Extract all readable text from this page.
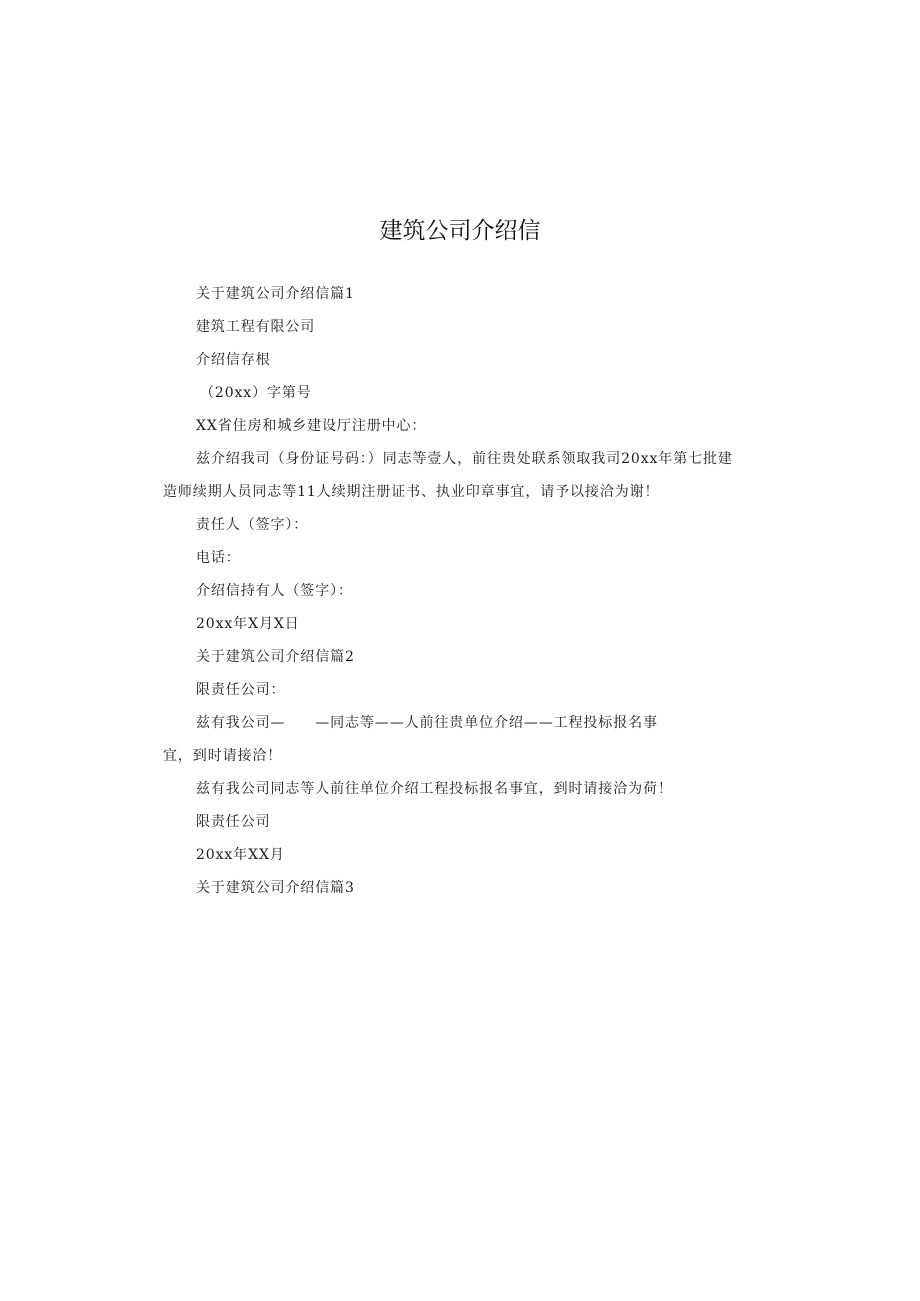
建筑公司介绍信
关于建筑公司介绍信篇1
建筑工程有限公司
介绍信存根
（20xx）字第号
XX省住房和城乡建设厅注册中心：
兹介绍我司（身份证号码：）同志等壹人，前往贵处联系领取我司20xx年第七批建
造师续期人员同志等11人续期注册证书、执业印章事宜，请予以接洽为谢！
责任人（签字）：
电话：
介绍信持有人（签字）：
20xx年X月X日
关于建筑公司介绍信篇2
限责任公司：
兹有我公司—　　—同志等——人前往贵单位介绍——工程投标报名事
宜，到时请接洽！
兹有我公司同志等人前往单位介绍工程投标报名事宜，到时请接洽为荷！
限责任公司
20xx年XX月
关于建筑公司介绍信篇3
